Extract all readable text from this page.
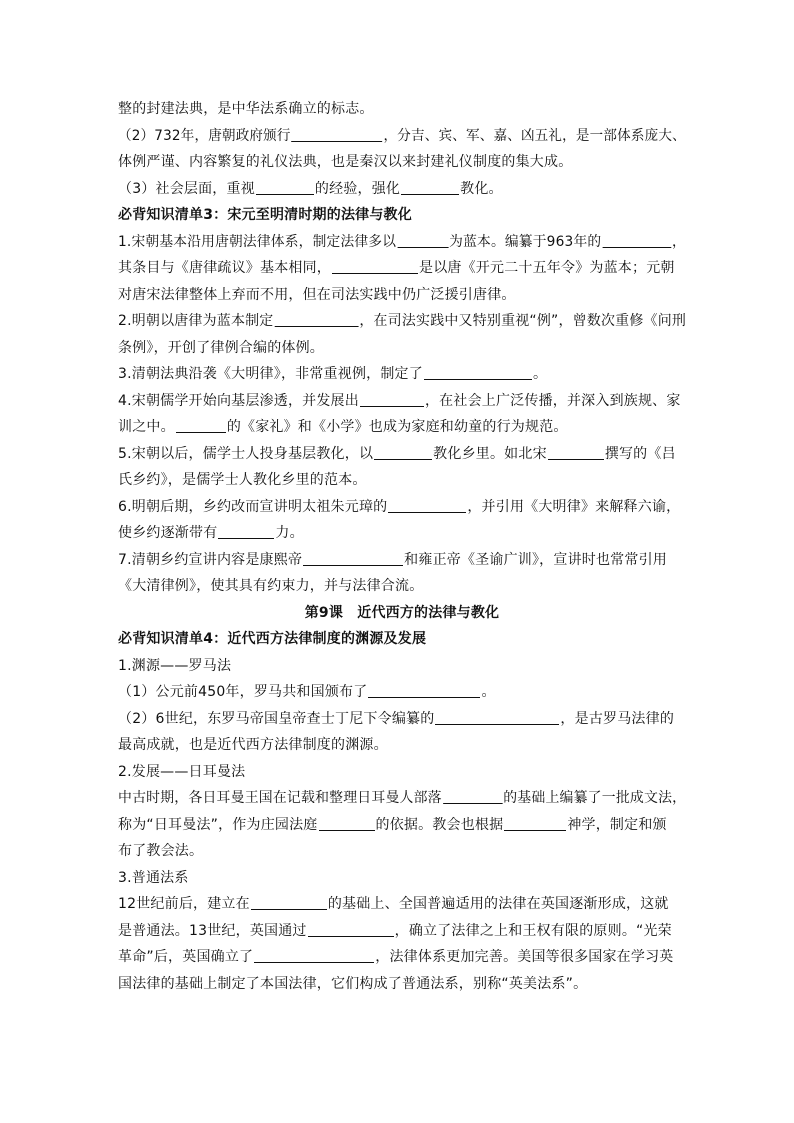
整的封建法典，是中华法系确立的标志。
（2）732年，唐朝政府颁行	，分吉、宾、军、嘉、凶五礼，是一部体系庞大、
体例严谨、内容繁复的礼仪法典，也是秦汉以来封建礼仪制度的集大成。
（3）社会层面，重视	的经验，强化	教化。
必背知识清单3：宋元至明清时期的法律与教化
1.宋朝基本沿用唐朝法律体系，制定法律多以	为蓝本。编纂于963年的	，
其条目与《唐律疏议》基本相同，	是以唐《开元二十五年令》为蓝本；元朝
对唐宋法律整体上弃而不用，但在司法实践中仍广泛援引唐律。
2.明朝以唐律为蓝本制定	，在司法实践中又特别重视“例”，曾数次重修《问刑
条例》，开创了律例合编的体例。
3.清朝法典沿袭《大明律》，非常重视例，制定了	。
4.宋朝儒学开始向基层渗透，并发展出	，在社会上广泛传播，并深入到族规、家
训之中。	的《家礼》和《小学》也成为家庭和幼童的行为规范。
5.宋朝以后，儒学士人投身基层教化，以	教化乡里。如北宋	撰写的《吕
氏乡约》，是儒学士人教化乡里的范本。
6.明朝后期，乡约改而宣讲明太祖朱元璋的	，并引用《大明律》来解释六谕，
使乡约逐渐带有	力。
7.清朝乡约宣讲内容是康熙帝	和雍正帝《圣谕广训》，宣讲时也常常引用
《大清律例》，使其具有约束力，并与法律合流。
第9课　近代西方的法律与教化
必背知识清单4：近代西方法律制度的渊源及发展
1.渊源——罗马法
（1）公元前450年，罗马共和国颁布了	。
（2）6世纪，东罗马帝国皇帝查士丁尼下令编纂的	，是古罗马法律的
最高成就，也是近代西方法律制度的渊源。
2.发展——日耳曼法
中古时期，各日耳曼王国在记载和整理日耳曼人部落	的基础上编纂了一批成文法，
称为“日耳曼法”，作为庄园法庭	的依据。教会也根据	神学，制定和颁
布了教会法。
3.普通法系
12世纪前后，建立在	的基础上、全国普遍适用的法律在英国逐渐形成，这就
是普通法。13世纪，英国通过	，确立了法律之上和王权有限的原则。“光荣
革命”后，英国确立了	，法律体系更加完善。美国等很多国家在学习英
国法律的基础上制定了本国法律，它们构成了普通法系，别称“英美法系”。
